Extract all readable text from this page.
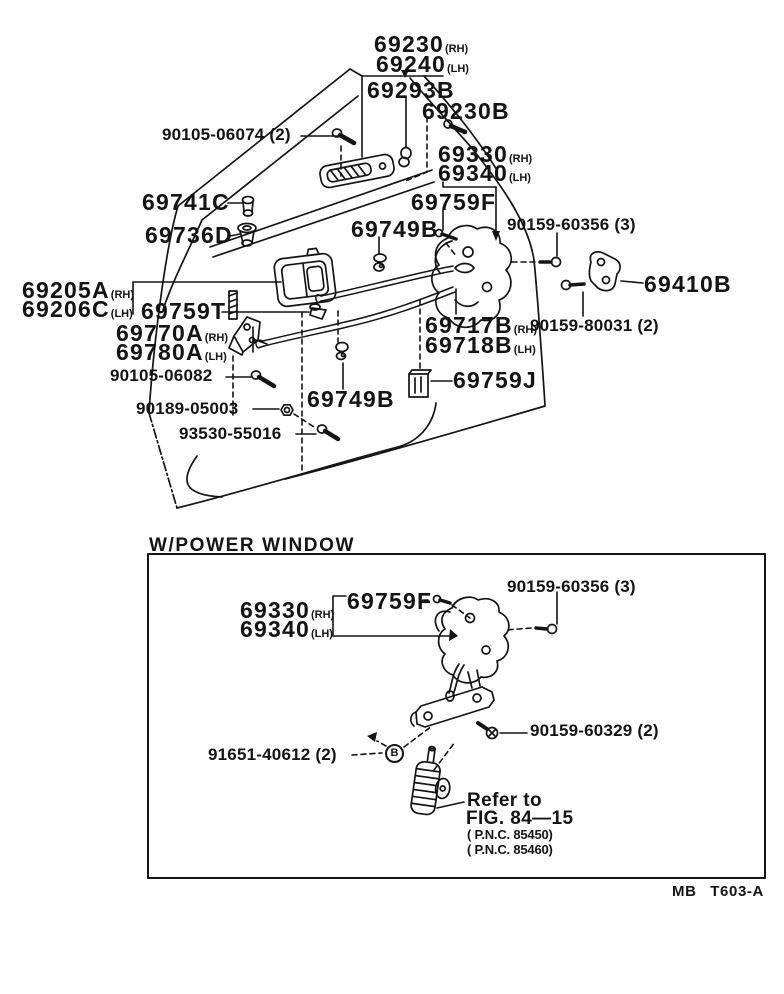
69230(RH)
69240(LH)
69293B
69230B
90105-06074 (2)
69330(RH)
69340(LH)
69741C	69759F
69736D	69749B	90159-60356 (3)
69205A(RH)
69206C(LH) 69759T
69410B
69770A(RH)
69780A(LH)
90159-80031 (2)
69717B(RH)
69718B(LH)
90105-06082
69749B
69759J
90189-05003
93530-55016
W/POWER WINDOW
90159-60356 (3)
69759F
69330(RH)
69340(LH)
90159-60329 (2)
91651-40612 (2)	B
Refer to
FIG. 84—15
( P.N.C. 85450)
( P.N.C. 85460)
MB T603-A
